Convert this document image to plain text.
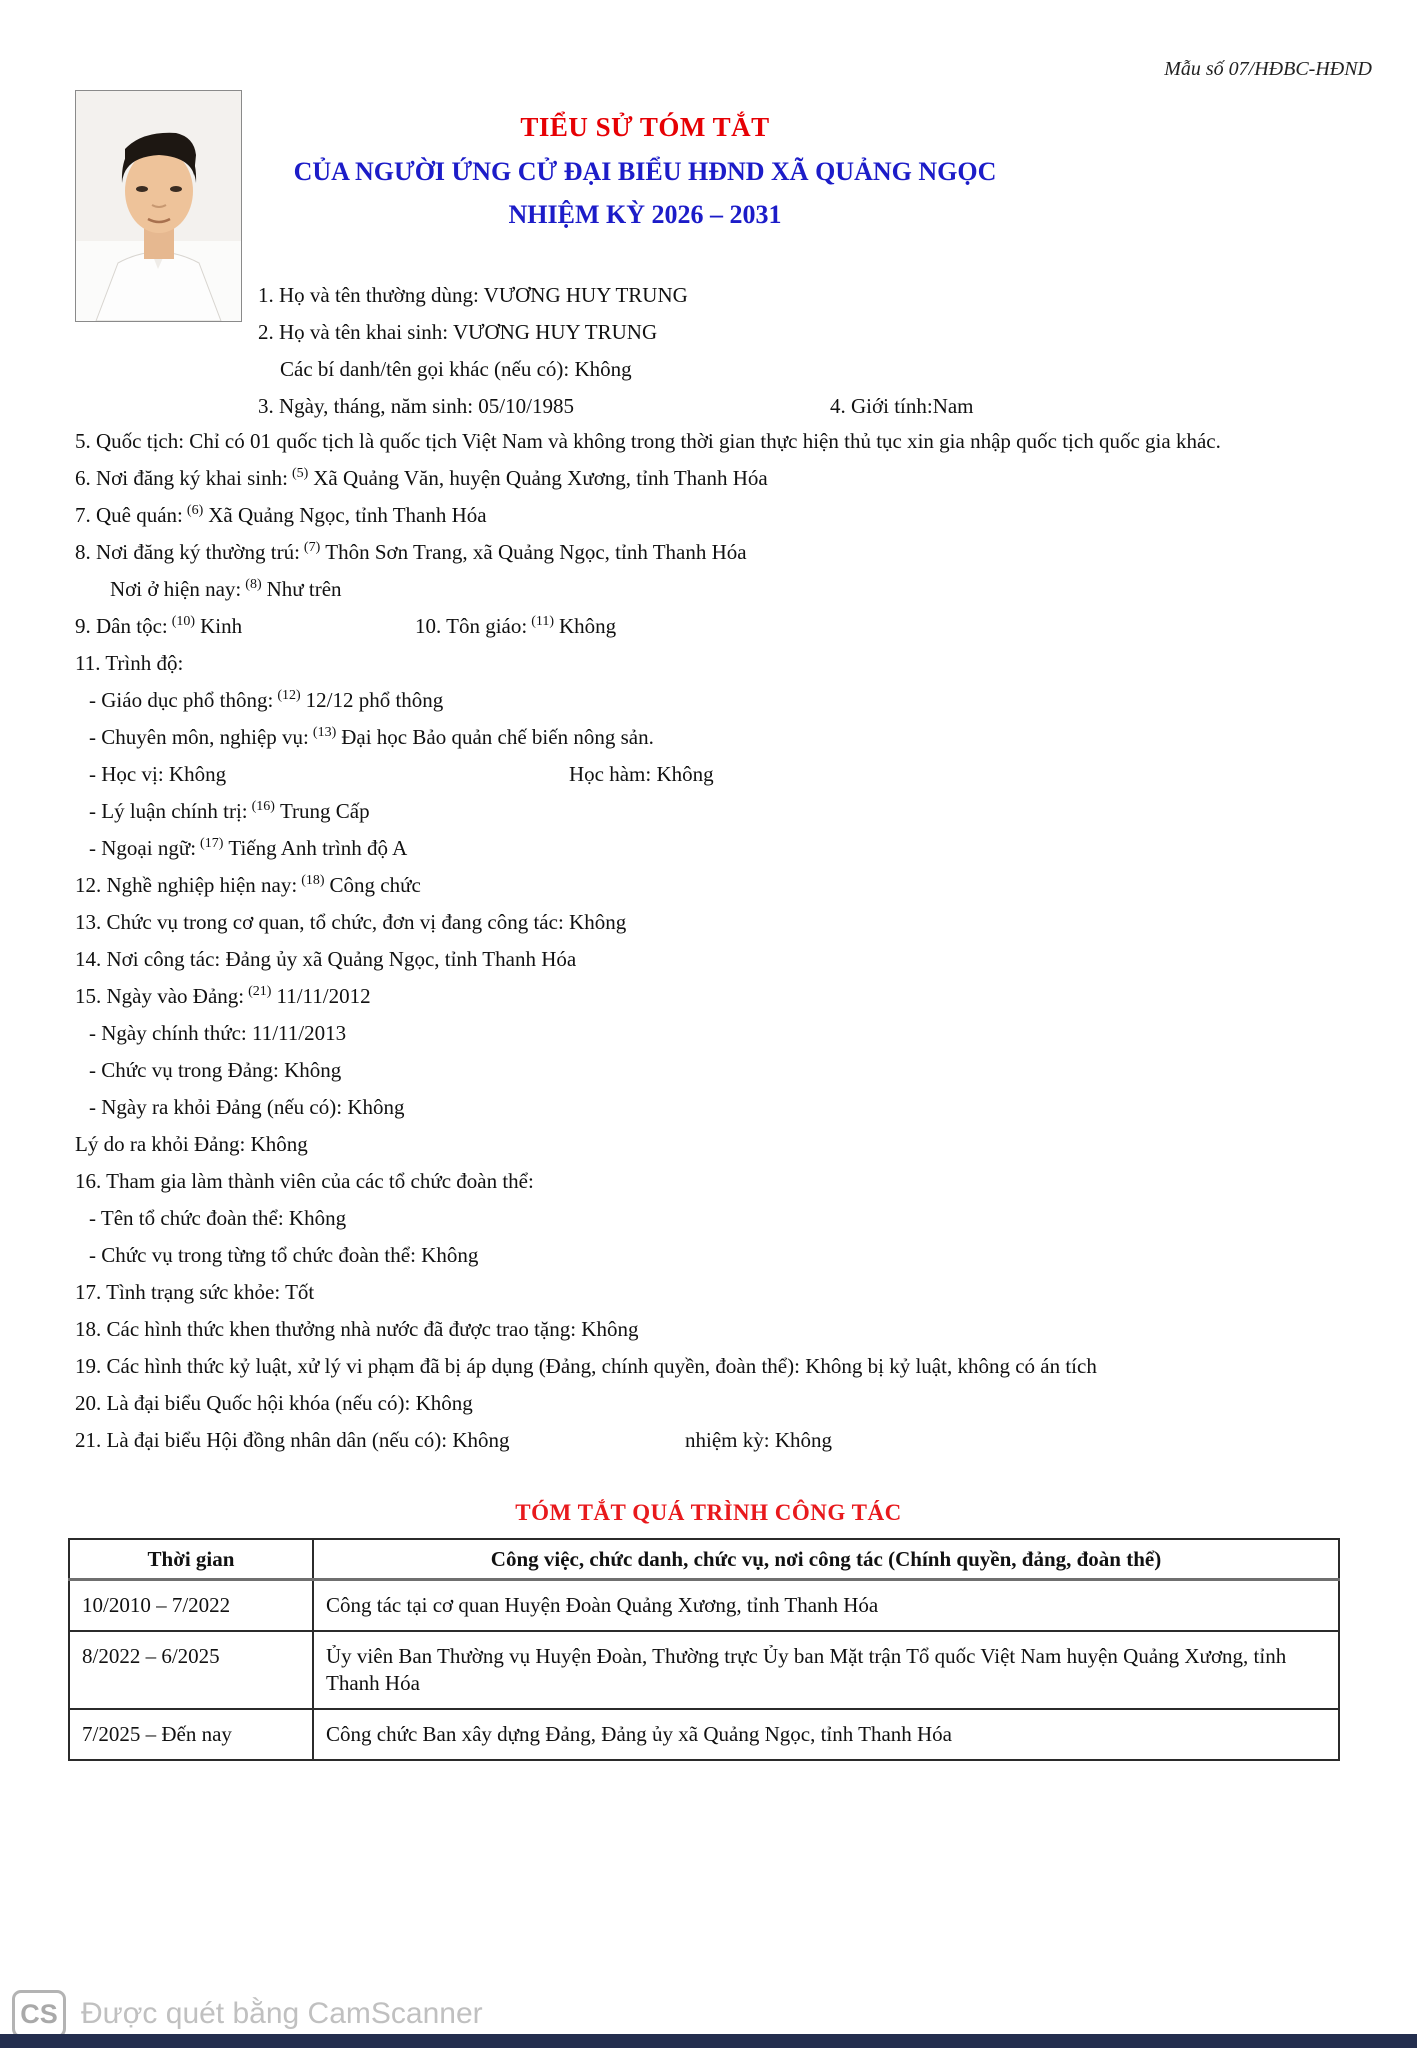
Mẫu số 07/HĐBC-HĐND
TIỂU SỬ TÓM TẮT
CỦA NGƯỜI ỨNG CỬ ĐẠI BIỂU HĐND XÃ QUẢNG NGỌC
NHIỆM KỲ 2026 – 2031

1. Họ và tên thường dùng: VƯƠNG HUY TRUNG

2. Họ và tên khai sinh: VƯƠNG HUY TRUNG

Các bí danh/tên gọi khác (nếu có): Không

3. Ngày, tháng, năm sinh: 05/10/1985	4. Giới tính:Nam

5. Quốc tịch: Chỉ có 01 quốc tịch là quốc tịch Việt Nam và không trong thời gian thực hiện thủ tục xin gia nhập quốc tịch quốc gia khác.

6. Nơi đăng ký khai sinh: $^{(5)}$ Xã Quảng Văn, huyện Quảng Xương, tỉnh Thanh Hóa

7. Quê quán: $^{(6)}$ Xã Quảng Ngọc, tỉnh Thanh Hóa

8. Nơi đăng ký thường trú: $^{(7)}$ Thôn Sơn Trang, xã Quảng Ngọc, tỉnh Thanh Hóa

Nơi ở hiện nay: $^{(8)}$ Như trên

9. Dân tộc: $^{(10)}$ Kinh	10. Tôn giáo: $^{(11)}$ Không

11. Trình độ:

- Giáo dục phổ thông: $^{(12)}$ 12/12 phổ thông

- Chuyên môn, nghiệp vụ: $^{(13)}$ Đại học Bảo quản chế biến nông sản.

- Học vị: Không	Học hàm: Không

- Lý luận chính trị: $^{(16)}$ Trung Cấp

- Ngoại ngữ: $^{(17)}$ Tiếng Anh trình độ A

12. Nghề nghiệp hiện nay: $^{(18)}$ Công chức

13. Chức vụ trong cơ quan, tổ chức, đơn vị đang công tác: Không

14. Nơi công tác: Đảng ủy xã Quảng Ngọc, tỉnh Thanh Hóa

15. Ngày vào Đảng: $^{(21)}$ 11/11/2012

- Ngày chính thức: 11/11/2013

- Chức vụ trong Đảng: Không

- Ngày ra khỏi Đảng (nếu có): Không

Lý do ra khỏi Đảng: Không

16. Tham gia làm thành viên của các tổ chức đoàn thể:

- Tên tổ chức đoàn thể: Không

- Chức vụ trong từng tổ chức đoàn thể: Không

17. Tình trạng sức khỏe: Tốt

18. Các hình thức khen thưởng nhà nước đã được trao tặng: Không

19. Các hình thức kỷ luật, xử lý vi phạm đã bị áp dụng (Đảng, chính quyền, đoàn thể): Không bị kỷ luật, không có án tích

20. Là đại biểu Quốc hội khóa (nếu có): Không

21. Là đại biểu Hội đồng nhân dân (nếu có): Không	nhiệm kỳ: Không

TÓM TẮT QUÁ TRÌNH CÔNG TÁC
Thời gian	Công việc, chức danh, chức vụ, nơi công tác (Chính quyền, đảng, đoàn thể)
10/2010 – 7/2022	Công tác tại cơ quan Huyện Đoàn Quảng Xương, tỉnh Thanh Hóa
8/2022 – 6/2025	Ủy viên Ban Thường vụ Huyện Đoàn, Thường trực Ủy ban Mặt trận Tổ quốc Việt Nam huyện Quảng Xương, tỉnh Thanh Hóa
7/2025 – Đến nay	Công chức Ban xây dựng Đảng, Đảng ủy xã Quảng Ngọc, tỉnh Thanh Hóa
CS Được quét bằng CamScanner
